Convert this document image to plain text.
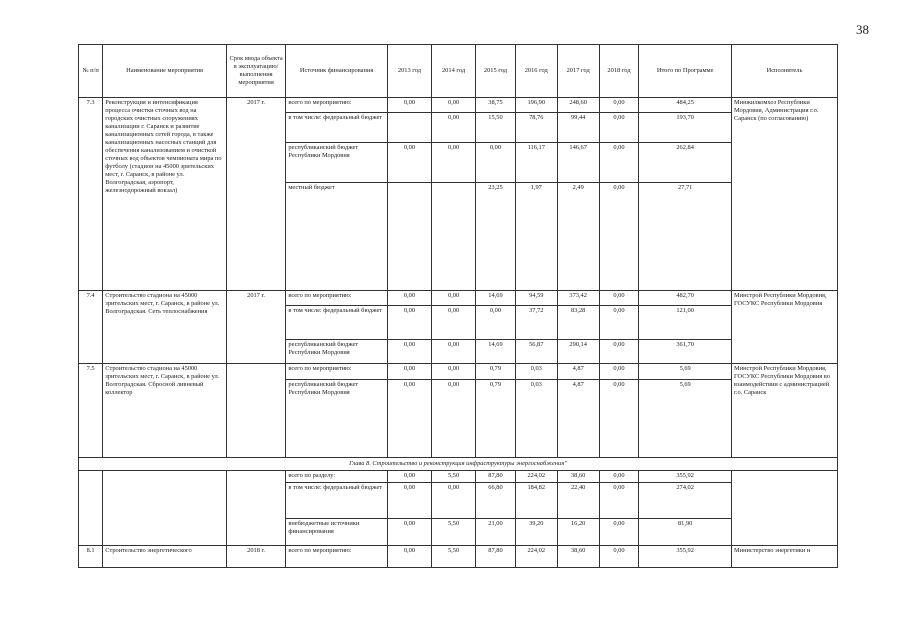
38
№ п/п	Наименование мероприятия	Срок ввода объекта в эксплуатацию/ выполнения мероприятия	Источник финансирования	2013 год	2014 год	2015 год	2016 год	2017 год	2018 год	Итого по Программе	Исполнитель
7.3	Реконструкция и интенсификация процесса очистки сточных вод на городских очистных сооружениях канализации г. Саранск и развитие канализационных сетей города, в также канализационных насосных станций для обеспечения канализованием и очисткой сточных вод объектов чемпионата мира по футболу (стадион на 45000 зрительских мест, г. Саранск, в районе ул. Волгоградская, аэропорт, железнодорожный вокзал)	2017 г.	всего по мероприятию:	0,00	0,00	38,75	196,90	248,60	0,00	484,25	Минжилкомхоз Республики Мордовия, Администрация г.о. Саранск (по согласованию)
			в том числе: федеральный бюджет		0,00	15,50	78,76	99,44	0,00	193,70	
			республиканский бюджет Республики Мордовия	0,00	0,00	0,00	116,17	146,67	0,00	262,84	
			местный бюджет			23,25	1,97	2,49	0,00	27,71	
7.4	Строительство стадиона на 45000 зрительских мест, г. Саранск, в районе ул. Волгоградская. Сеть теплоснабжения	2017 г.	всего по мероприятию:	0,00	0,00	14,69	94,59	373,42	0,00	482,70	Минстрой Республики Мордовия, ГОСУКС Республики Мордовия
			в том числе: федеральный бюджет	0,00	0,00	0,00	37,72	83,28	0,00	121,00	
			республиканский бюджет Республики Мордовия	0,00	0,00	14,69	56,87	290,14	0,00	361,70	
7.5	Строительство стадиона на 45000 зрительских мест, г. Саранск, в районе ул. Волгоградская. Сбросной ливневый коллектор		всего по мероприятию:	0,00	0,00	0,79	0,03	4,87	0,00	5,69	Минстрой Республики Мордовия, ГОСУКС Республики Мордовия во взаимодействии с администрацией г.о. Саранск
			республиканский бюджет Республики Мордовия	0,00	0,00	0,79	0,03	4,87	0,00	5,69	
Глава 8. Строительство и реконструкция инфраструктуры энергоснабжения"											
			всего по разделу:	0,00	5,50	87,80	224,02	38,60	0,00	355,92	
			в том числе: федеральный бюджет	0,00	0,00	66,80	184,82	22,40	0,00	274,02	
			внебюджетные источники финансирования	0,00	5,50	21,00	39,20	16,20	0,00	81,90	
8.1	Строительство энергетического	2018 г.	всего по мероприятию:	0,00	5,50	87,80	224,02	38,60	0,00	355,92	Министерство энергетики и
